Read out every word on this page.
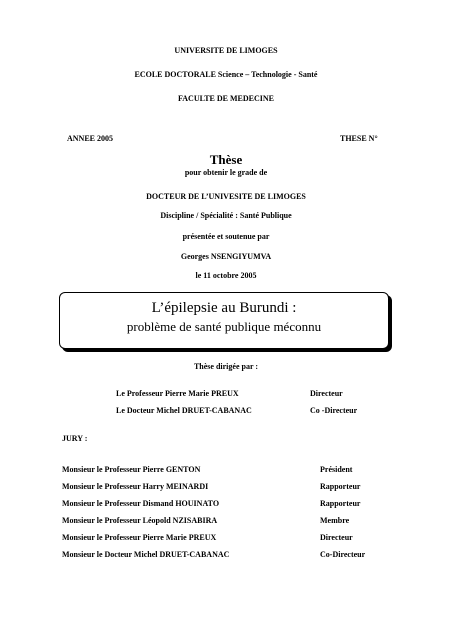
UNIVERSITE DE LIMOGES
ECOLE DOCTORALE Science – Technologie - Santé
FACULTE DE MEDECINE
ANNEE 2005	THESE N°
Thèse
pour obtenir le grade de
DOCTEUR DE L’UNIVESITE DE LIMOGES
Discipline / Spécialité : Santé Publique
présentée et soutenue par
Georges NSENGIYUMVA
le 11 octobre 2005
L’épilepsie au Burundi :
problème de santé publique méconnu
Thèse dirigée par :
Le Professeur Pierre Marie PREUX	Directeur
Le Docteur Michel DRUET-CABANAC	Co -Directeur
JURY :
Monsieur le Professeur Pierre GENTON	Président
Monsieur le Professeur Harry MEINARDI	Rapporteur
Monsieur le Professeur Dismand HOUINATO	Rapporteur
Monsieur le Professeur Léopold NZISABIRA	Membre
Monsieur le Professeur Pierre Marie PREUX	Directeur
Monsieur le Docteur Michel DRUET-CABANAC	Co-Directeur
